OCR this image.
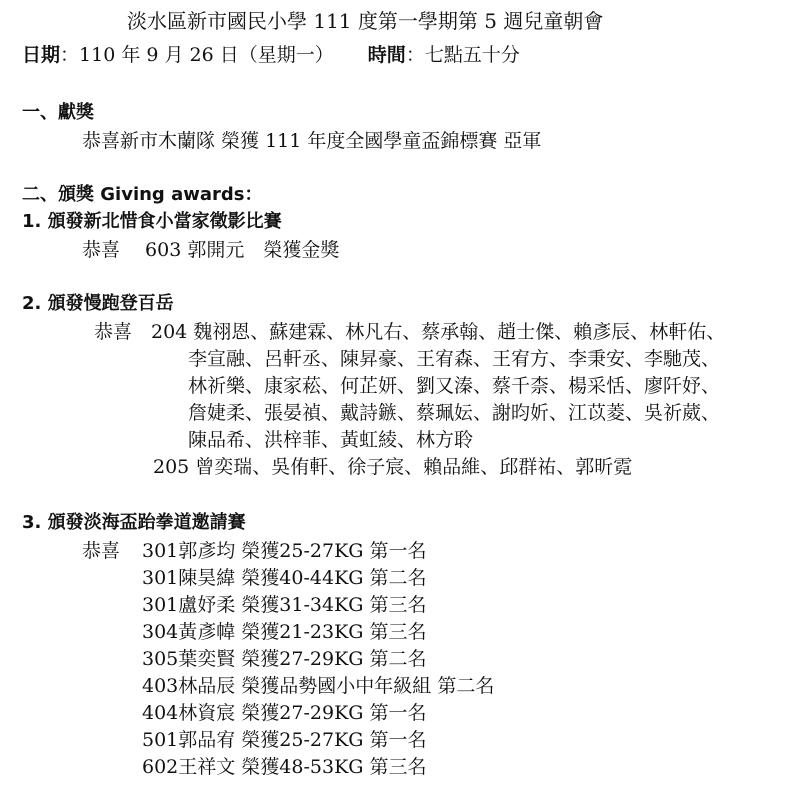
淡水區新市國民小學 111 度第一學期第 5 週兒童朝會
日期：110 年 9 月 26 日（星期一） 時間：七點五十分
一、獻獎
恭喜新市木蘭隊 榮獲 111 年度全國學童盃錦標賽 亞軍
二、頒獎 Giving awards：
1. 頒發新北惜食小當家徵影比賽
恭喜　 603 郭開元　榮獲金獎
2. 頒發慢跑登百岳
恭喜　204 魏祤恩、蘇建霖、林凡右、蔡承翰、趙士傑、賴彥辰、林軒佑、
李宣融、呂軒丞、陳昇豪、王宥森、王宥方、李秉安、李馳茂、
林祈樂、康家菘、何芷妍、劉又溱、蔡千柰、楊采恬、廖阡妤、
詹婕柔、張晏禎、戴詩鏃、蔡珮妘、謝昀妡、江苡菱、吳祈葳、
陳品希、洪梓菲、黃虹綾、林方聆
205 曾奕瑞、吳侑軒、徐子宸、賴品維、邱群祐、郭昕霓
3. 頒發淡海盃跆拳道邀請賽
恭喜 301郭彥均 榮獲25-27KG 第一名
301陳昊緯 榮獲40-44KG 第二名
301盧妤柔 榮獲31-34KG 第三名
304黃彥幃 榮獲21-23KG 第三名
305葉奕賢 榮獲27-29KG 第二名
403林品辰 榮獲品勢國小中年級組 第二名
404林資宸 榮獲27-29KG 第一名
501郭品宥 榮獲25-27KG 第一名
602王祥文 榮獲48-53KG 第三名
